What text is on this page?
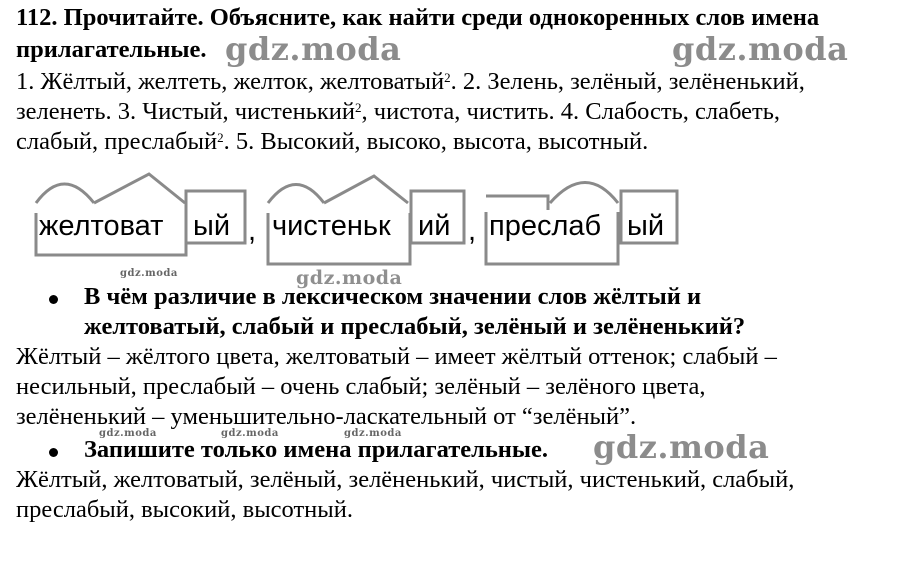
112. Прочитайте. Объясните, как найти среди однокоренных слов имена
прилагательные.
1. Жёлтый, желтеть, желток, желтоватый$^2$. 2. Зелень, зелёный, зелёненький,
зеленеть. 3. Чистый, чистенький$^2$, чистота, чистить. 4. Слабость, слабеть,
слабый, преслабый$^2$. 5. Высокий, высоко, высота, высотный.
желтоват ый , чистеньк ий , преслаб ый
В чём различие в лексическом значении слов жёлтый и
желтоватый, слабый и преслабый, зелёный и зелёненький?
Жёлтый – жёлтого цвета, желтоватый – имеет жёлтый оттенок; слабый –
несильный, преслабый – очень слабый; зелёный – зелёного цвета,
зелёненький – уменьшительно-ласкательный от “зелёный”.
Запишите только имена прилагательные.
Жёлтый, желтоватый, зелёный, зелёненький, чистый, чистенький, слабый,
преслабый, высокий, высотный.
gdz.moda	gdz.moda
gdz.moda	gdz.moda
gdz.moda	gdz.moda	gdz.moda	gdz.moda
